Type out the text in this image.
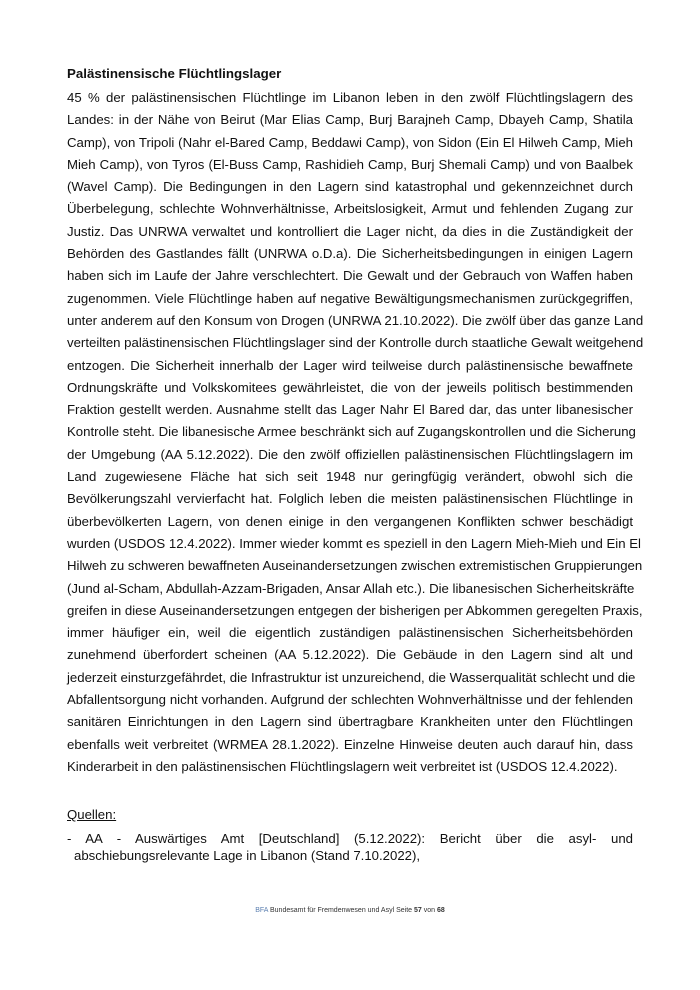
Palästinensische Flüchtlingslager
45 % der palästinensischen Flüchtlinge im Libanon leben in den zwölf Flüchtlingslagern des
Landes: in der Nähe von Beirut (Mar Elias Camp, Burj Barajneh Camp, Dbayeh Camp, Shatila
Camp), von Tripoli (Nahr el-Bared Camp, Beddawi Camp), von Sidon (Ein El Hilweh Camp, Mieh
Mieh Camp), von Tyros (El-Buss Camp, Rashidieh Camp, Burj Shemali Camp) und von Baalbek
(Wavel Camp). Die Bedingungen in den Lagern sind katastrophal und gekennzeichnet durch
Überbelegung, schlechte Wohnverhältnisse, Arbeitslosigkeit, Armut und fehlenden Zugang zur
Justiz. Das UNRWA verwaltet und kontrolliert die Lager nicht, da dies in die Zuständigkeit der
Behörden des Gastlandes fällt (UNRWA o.D.a). Die Sicherheitsbedingungen in einigen Lagern
haben sich im Laufe der Jahre verschlechtert. Die Gewalt und der Gebrauch von Waffen haben
zugenommen. Viele Flüchtlinge haben auf negative Bewältigungsmechanismen zurückgegriffen,
unter anderem auf den Konsum von Drogen (UNRWA 21.10.2022). Die zwölf über das ganze Land
verteilten palästinensischen Flüchtlingslager sind der Kontrolle durch staatliche Gewalt weitgehend
entzogen. Die Sicherheit innerhalb der Lager wird teilweise durch palästinensische bewaffnete
Ordnungskräfte und Volkskomitees gewährleistet, die von der jeweils politisch bestimmenden
Fraktion gestellt werden. Ausnahme stellt das Lager Nahr El Bared dar, das unter libanesischer
Kontrolle steht. Die libanesische Armee beschränkt sich auf Zugangskontrollen und die Sicherung
der Umgebung (AA 5.12.2022). Die den zwölf offiziellen palästinensischen Flüchtlingslagern im
Land zugewiesene Fläche hat sich seit 1948 nur geringfügig verändert, obwohl sich die
Bevölkerungszahl vervierfacht hat. Folglich leben die meisten palästinensischen Flüchtlinge in
überbevölkerten Lagern, von denen einige in den vergangenen Konflikten schwer beschädigt
wurden (USDOS 12.4.2022). Immer wieder kommt es speziell in den Lagern Mieh-Mieh und Ein El
Hilweh zu schweren bewaffneten Auseinandersetzungen zwischen extremistischen Gruppierungen
(Jund al-Scham, Abdullah-Azzam-Brigaden, Ansar Allah etc.). Die libanesischen Sicherheitskräfte
greifen in diese Auseinandersetzungen entgegen der bisherigen per Abkommen geregelten Praxis,
immer häufiger ein, weil die eigentlich zuständigen palästinensischen Sicherheitsbehörden
zunehmend überfordert scheinen (AA 5.12.2022). Die Gebäude in den Lagern sind alt und
jederzeit einsturzgefährdet, die Infrastruktur ist unzureichend, die Wasserqualität schlecht und die
Abfallentsorgung nicht vorhanden. Aufgrund der schlechten Wohnverhältnisse und der fehlenden
sanitären Einrichtungen in den Lagern sind übertragbare Krankheiten unter den Flüchtlingen
ebenfalls weit verbreitet (WRMEA 28.1.2022). Einzelne Hinweise deuten auch darauf hin, dass
Kinderarbeit in den palästinensischen Flüchtlingslagern weit verbreitet ist (USDOS 12.4.2022).
Quellen:
- AA - Auswärtiges Amt [Deutschland] (5.12.2022): Bericht über die asyl- und
abschiebungsrelevante Lage in Libanon (Stand 7.10.2022),
BFA Bundesamt für Fremdenwesen und Asyl Seite 57 von 68
